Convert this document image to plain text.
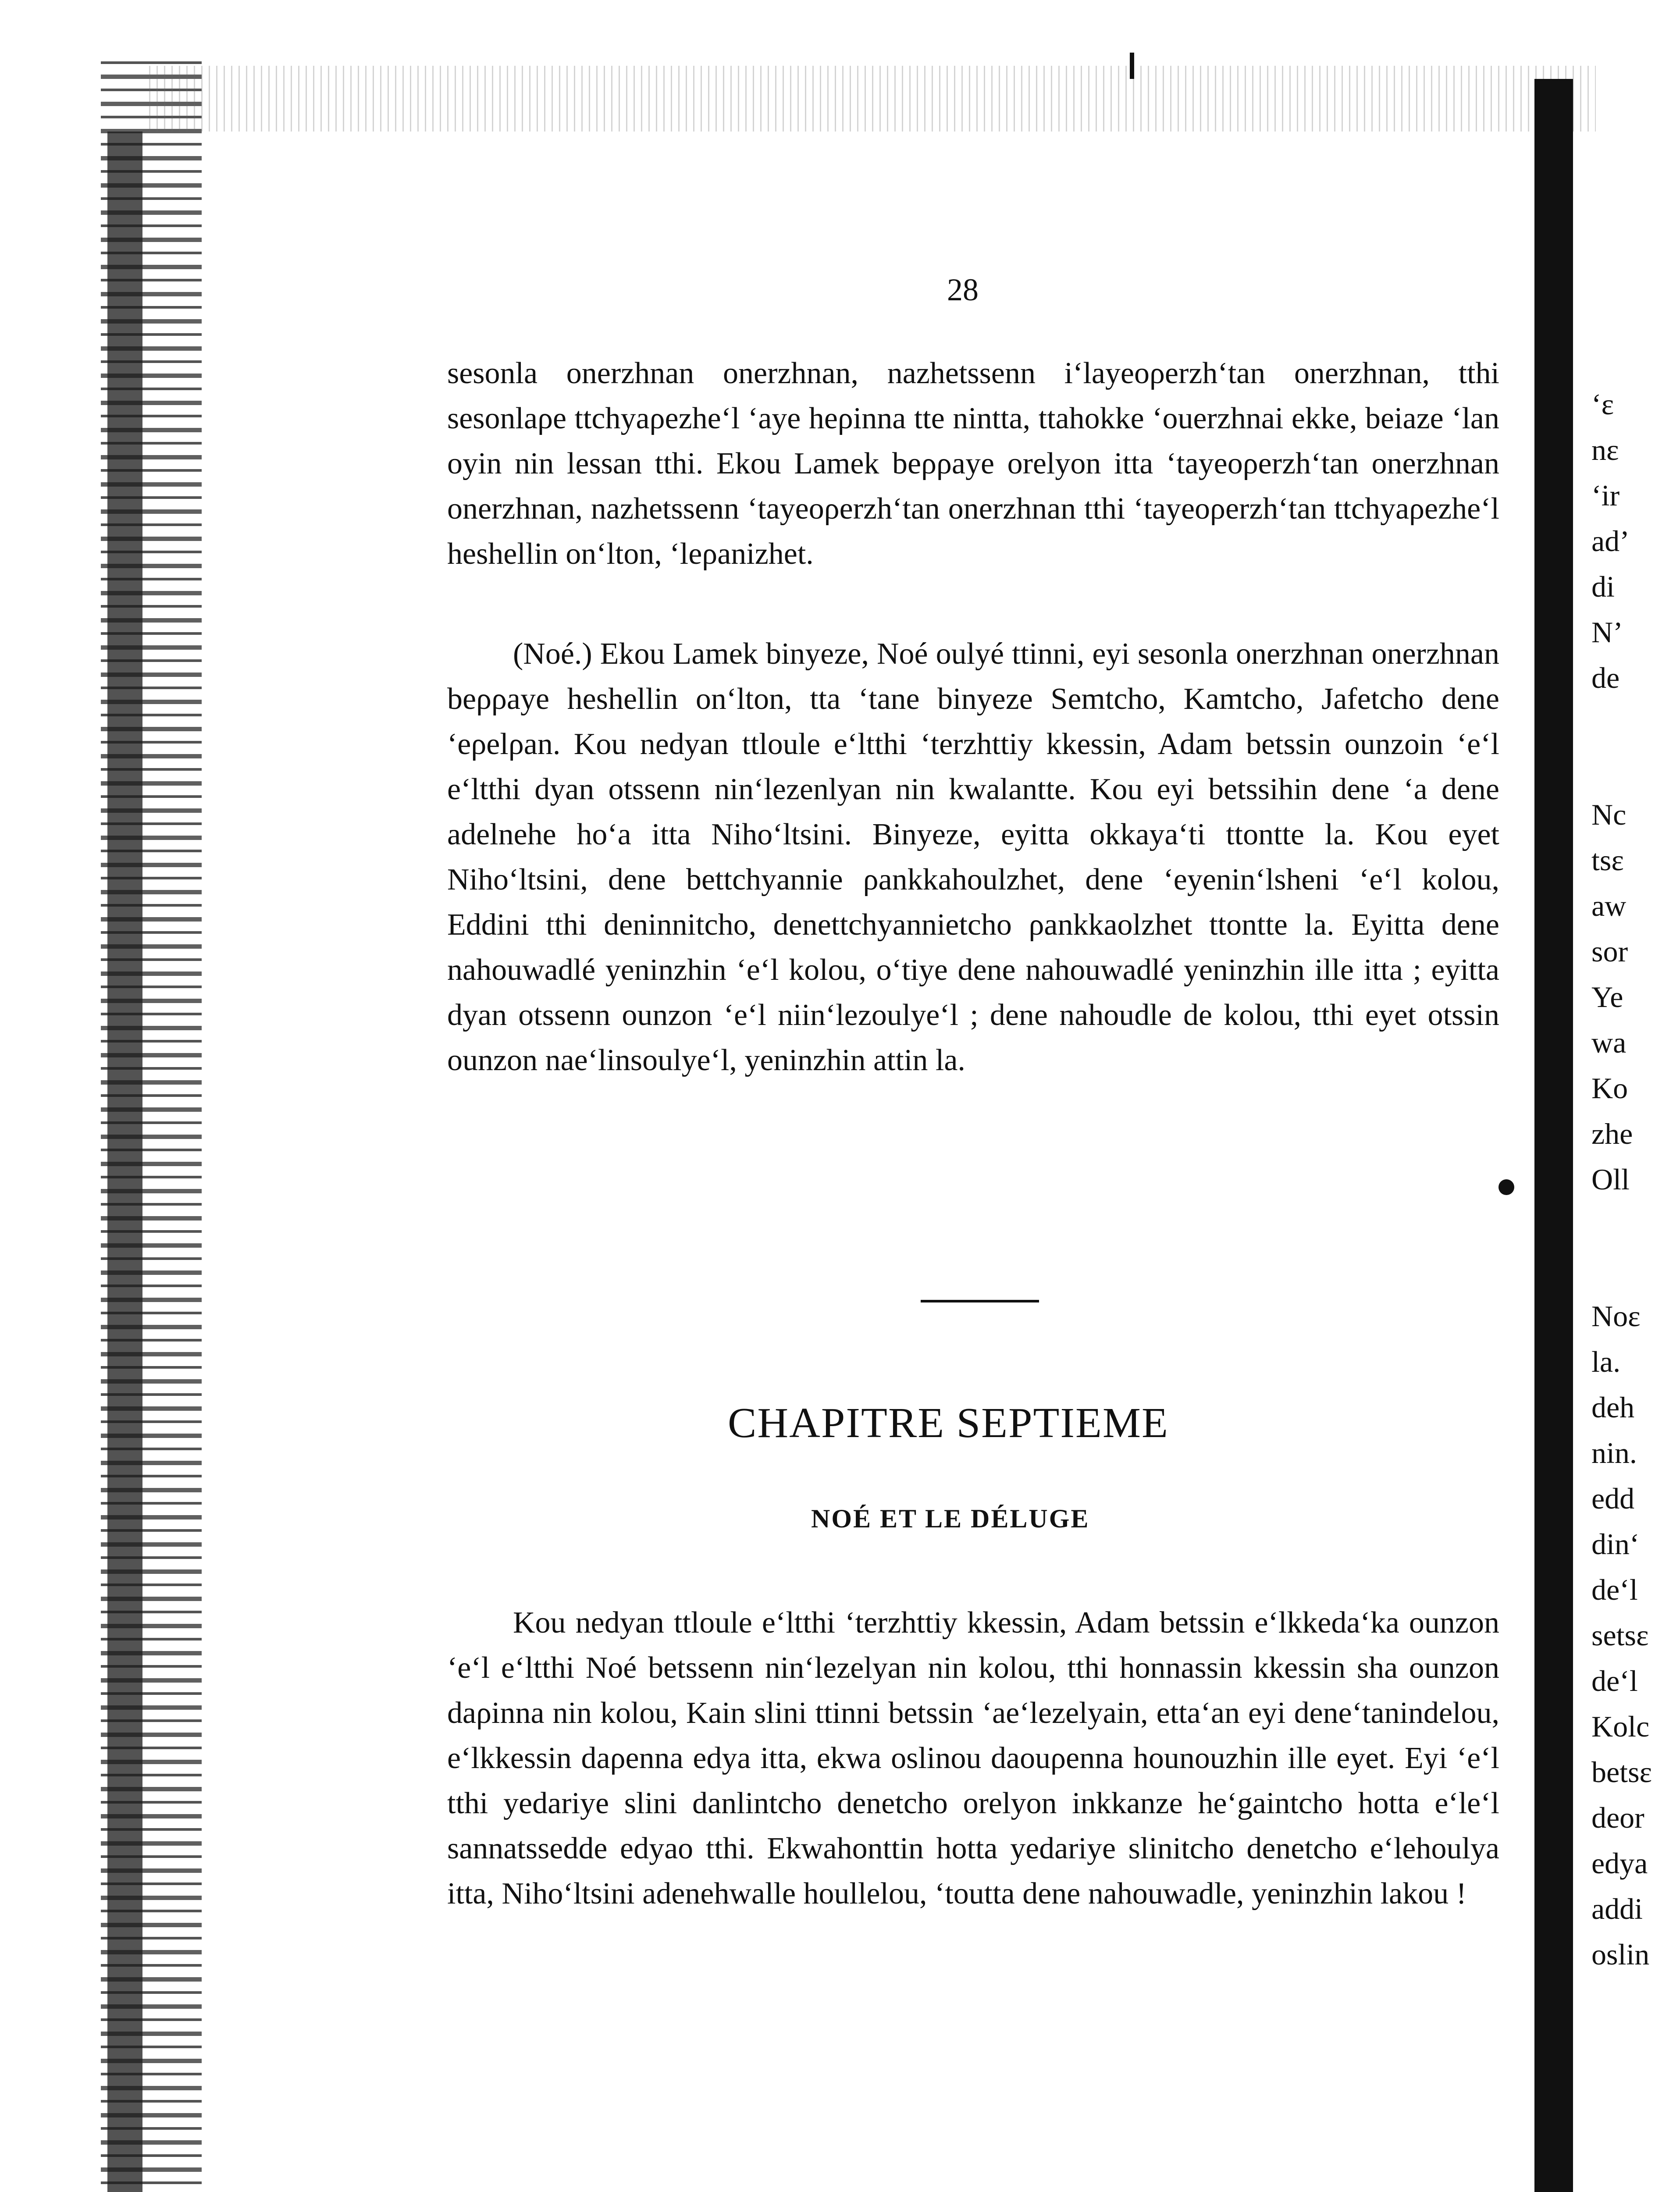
28

sesonla onerzhnan onerzhnan, nazhetssenn i‘layeoρerzh‘tan onerzhnan, tthi sesonlaρe ttchyaρezhe‘l ‘aye heρinna tte nintta, ttahokke ‘ouerzhnai ekke, beiaze ‘lan oyin nin lessan tthi. Ekou Lamek beρρaye orelyon itta ‘tayeoρerzh‘tan onerzhnan onerzhnan, nazhetssenn ‘tayeoρerzh‘tan onerzhnan tthi ‘tayeoρerzh‘tan ttchyaρezhe‘l heshellin on‘lton, ‘leρanizhet.

(Noé.) Ekou Lamek binyeze, Noé oulyé ttinni, eyi sesonla onerzhnan onerzhnan beρρaye heshellin on‘lton, tta ‘tane binyeze Semtcho, Kamtcho, Jafetcho dene ‘eρelρan. Kou nedyan ttloule e‘ltthi ‘terzhttiy kkessin, Adam betssin ounzoin ‘e‘l e‘ltthi dyan otssenn nin‘lezenlyan nin kwalantte. Kou eyi betssihin dene ‘a dene adelnehe ho‘a itta Niho‘ltsini. Binyeze, eyitta okkaya‘ti ttontte la. Kou eyet Niho‘ltsini, dene bettchyannie ρankkahoulzhet, dene ‘eyenin‘lsheni ‘e‘l kolou, Eddini tthi deninnitcho, denettchyannietcho ρankkaolzhet ttontte la. Eyitta dene nahouwadlé yeninzhin ‘e‘l kolou, o‘tiye dene nahouwadlé yeninzhin ille itta ; eyitta dyan otssenn ounzon ‘e‘l niin‘lezoulye‘l ; dene nahoudle de kolou, tthi eyet otssin ounzon nae‘linsoulye‘l, yeninzhin attin la.

CHAPITRE SEPTIEME
NOÉ ET LE DÉLUGE

Kou nedyan ttloule e‘ltthi ‘terzhttiy kkessin, Adam betssin e‘lkkeda‘ka ounzon ‘e‘l e‘ltthi Noé betssenn nin‘lezelyan nin kolou, tthi honnassin kkessin sha ounzon daρinna nin kolou, Kain slini ttinni betssin ‘ae‘lezelyain, etta‘an eyi dene‘tanindelou, e‘lkkessin daρenna edya itta, ekwa oslinou daouρenna hounouzhin ille eyet. Eyi ‘e‘l tthi yedariye slini danlintcho denetcho orelyon inkkanze he‘gaintcho hotta e‘le‘l sannatssedde edyao tthi. Ekwahonttin hotta yedariye slinitcho denetcho e‘lehoulya itta, Niho‘ltsini adenehwalle houllelou, ‘toutta dene nahouwadle, yeninzhin lakou !

‘ɛ
nɛ
‘ir
adʼ
di
Nʼ
de
Nc
tsɛ
aw
sor
Ye
wa
Ko
zhe
Oll
Noɛ
la.
deh
nin.
edd
din‘
de‘l
setsɛ
de‘l
Kolc
betsɛ
deor
edya
addi
oslin
